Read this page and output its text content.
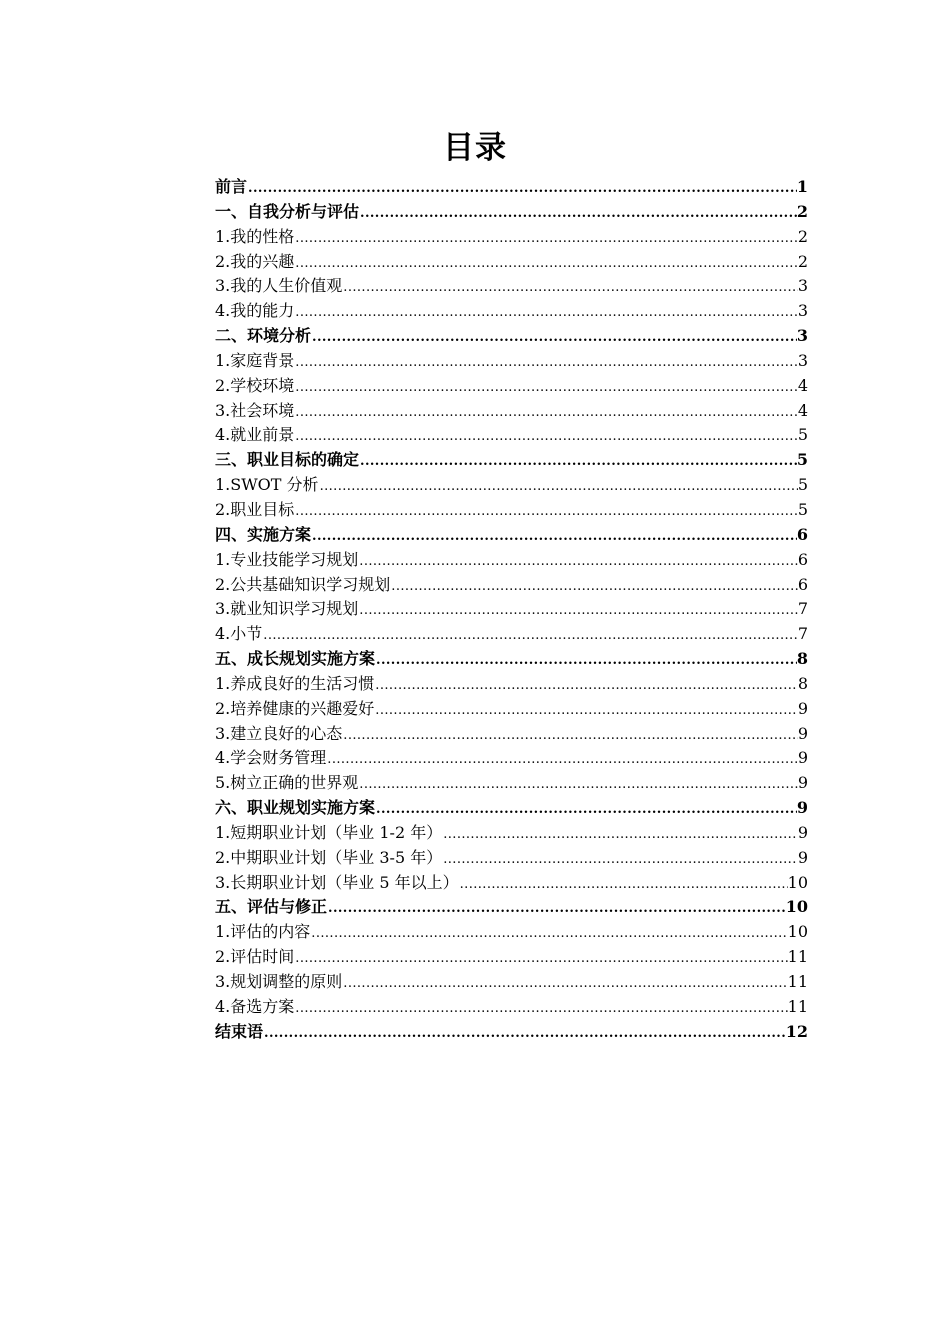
目录
前言 .....	1
一、自我分析与评估 .....	2
1.我的性格 .....	2
2.我的兴趣 .....	2
3.我的人生价值观 .....	3
4.我的能力 .....	3
二、环境分析 .....	3
1.家庭背景 .....	3
2.学校环境 .....	4
3.社会环境 .....	4
4.就业前景 .....	5
三、职业目标的确定 .....	5
1.SWOT 分析 .....	5
2.职业目标 .....	5
四、实施方案 .....	6
1.专业技能学习规划 .....	6
2.公共基础知识学习规划 .....	6
3.就业知识学习规划 .....	7
4.小节 .....	7
五、成长规划实施方案 .....	8
1.养成良好的生活习惯 .....	8
2.培养健康的兴趣爱好 .....	9
3.建立良好的心态 .....	9
4.学会财务管理 .....	9
5.树立正确的世界观 .....	9
六、职业规划实施方案 .....	9
1.短期职业计划（毕业 1-2 年） .....	9
2.中期职业计划（毕业 3-5 年） .....	9
3.长期职业计划（毕业 5 年以上） .....	10
五、评估与修正 .....	10
1.评估的内容 .....	10
2.评估时间 .....	11
3.规划调整的原则 .....	11
4.备选方案 .....	11
结束语 .....	12
